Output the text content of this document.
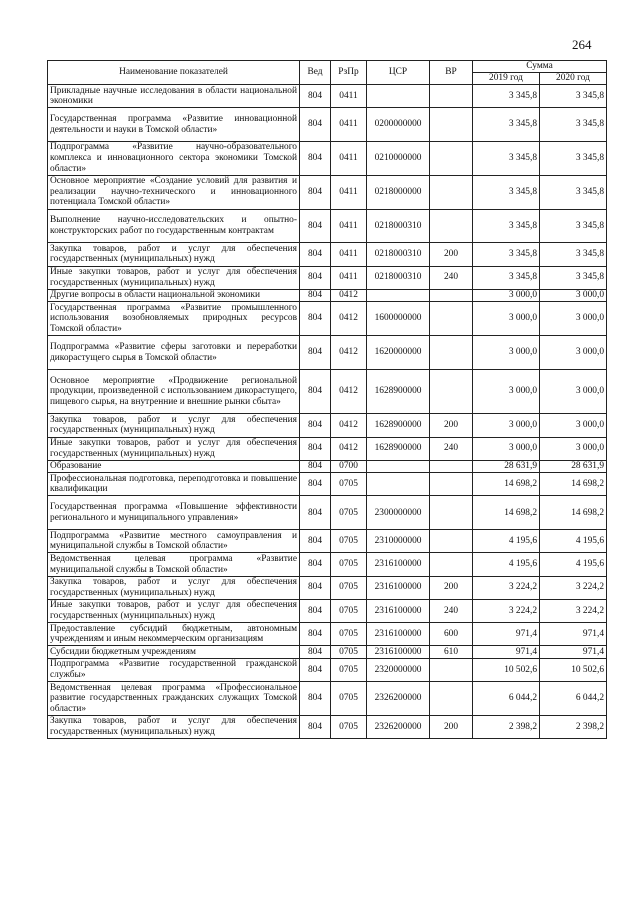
264
Наименование показателей	Вед	РзПр	ЦСР	ВР	Сумма	
					2019 год	2020 год
Прикладные научные исследования в области национальной экономики	804	0411			3 345,8	3 345,8
Государственная программа «Развитие инновационной деятельности и науки в Томской области»	804	0411	0200000000		3 345,8	3 345,8
Подпрограмма «Развитие научно-образовательного комплекса и инновационного сектора экономики Томской области»	804	0411	0210000000		3 345,8	3 345,8
Основное мероприятие «Создание условий для развития и реализации научно-технического и инновационного потенциала Томской области»	804	0411	0218000000		3 345,8	3 345,8
Выполнение научно-исследовательских и опытно-конструкторских работ по государственным контрактам	804	0411	0218000310		3 345,8	3 345,8
Закупка товаров, работ и услуг для обеспечения государственных (муниципальных) нужд	804	0411	0218000310	200	3 345,8	3 345,8
Иные закупки товаров, работ и услуг для обеспечения государственных (муниципальных) нужд	804	0411	0218000310	240	3 345,8	3 345,8
Другие вопросы в области национальной экономики	804	0412			3 000,0	3 000,0
Государственная программа «Развитие промышленного использования возобновляемых природных ресурсов Томской области»	804	0412	1600000000		3 000,0	3 000,0
Подпрограмма «Развитие сферы заготовки и переработки дикорастущего сырья в Томской области»	804	0412	1620000000		3 000,0	3 000,0
Основное мероприятие «Продвижение региональной продукции, произведенной с использованием дикорастущего, пищевого сырья, на внутренние и внешние рынки сбыта»	804	0412	1628900000		3 000,0	3 000,0
Закупка товаров, работ и услуг для обеспечения государственных (муниципальных) нужд	804	0412	1628900000	200	3 000,0	3 000,0
Иные закупки товаров, работ и услуг для обеспечения государственных (муниципальных) нужд	804	0412	1628900000	240	3 000,0	3 000,0
Образование	804	0700			28 631,9	28 631,9
Профессиональная подготовка, переподготовка и повышение квалификации	804	0705			14 698,2	14 698,2
Государственная программа «Повышение эффективности регионального и муниципального управления»	804	0705	2300000000		14 698,2	14 698,2
Подпрограмма «Развитие местного самоуправления и муниципальной службы в Томской области»	804	0705	2310000000		4 195,6	4 195,6
Ведомственная целевая программа «Развитие муниципальной службы в Томской области»	804	0705	2316100000		4 195,6	4 195,6
Закупка товаров, работ и услуг для обеспечения государственных (муниципальных) нужд	804	0705	2316100000	200	3 224,2	3 224,2
Иные закупки товаров, работ и услуг для обеспечения государственных (муниципальных) нужд	804	0705	2316100000	240	3 224,2	3 224,2
Предоставление субсидий бюджетным, автономным учреждениям и иным некоммерческим организациям	804	0705	2316100000	600	971,4	971,4
Субсидии бюджетным учреждениям	804	0705	2316100000	610	971,4	971,4
Подпрограмма «Развитие государственной гражданской службы»	804	0705	2320000000		10 502,6	10 502,6
Ведомственная целевая программа «Профессиональное развитие государственных гражданских служащих Томской области»	804	0705	2326200000		6 044,2	6 044,2
Закупка товаров, работ и услуг для обеспечения государственных (муниципальных) нужд	804	0705	2326200000	200	2 398,2	2 398,2
